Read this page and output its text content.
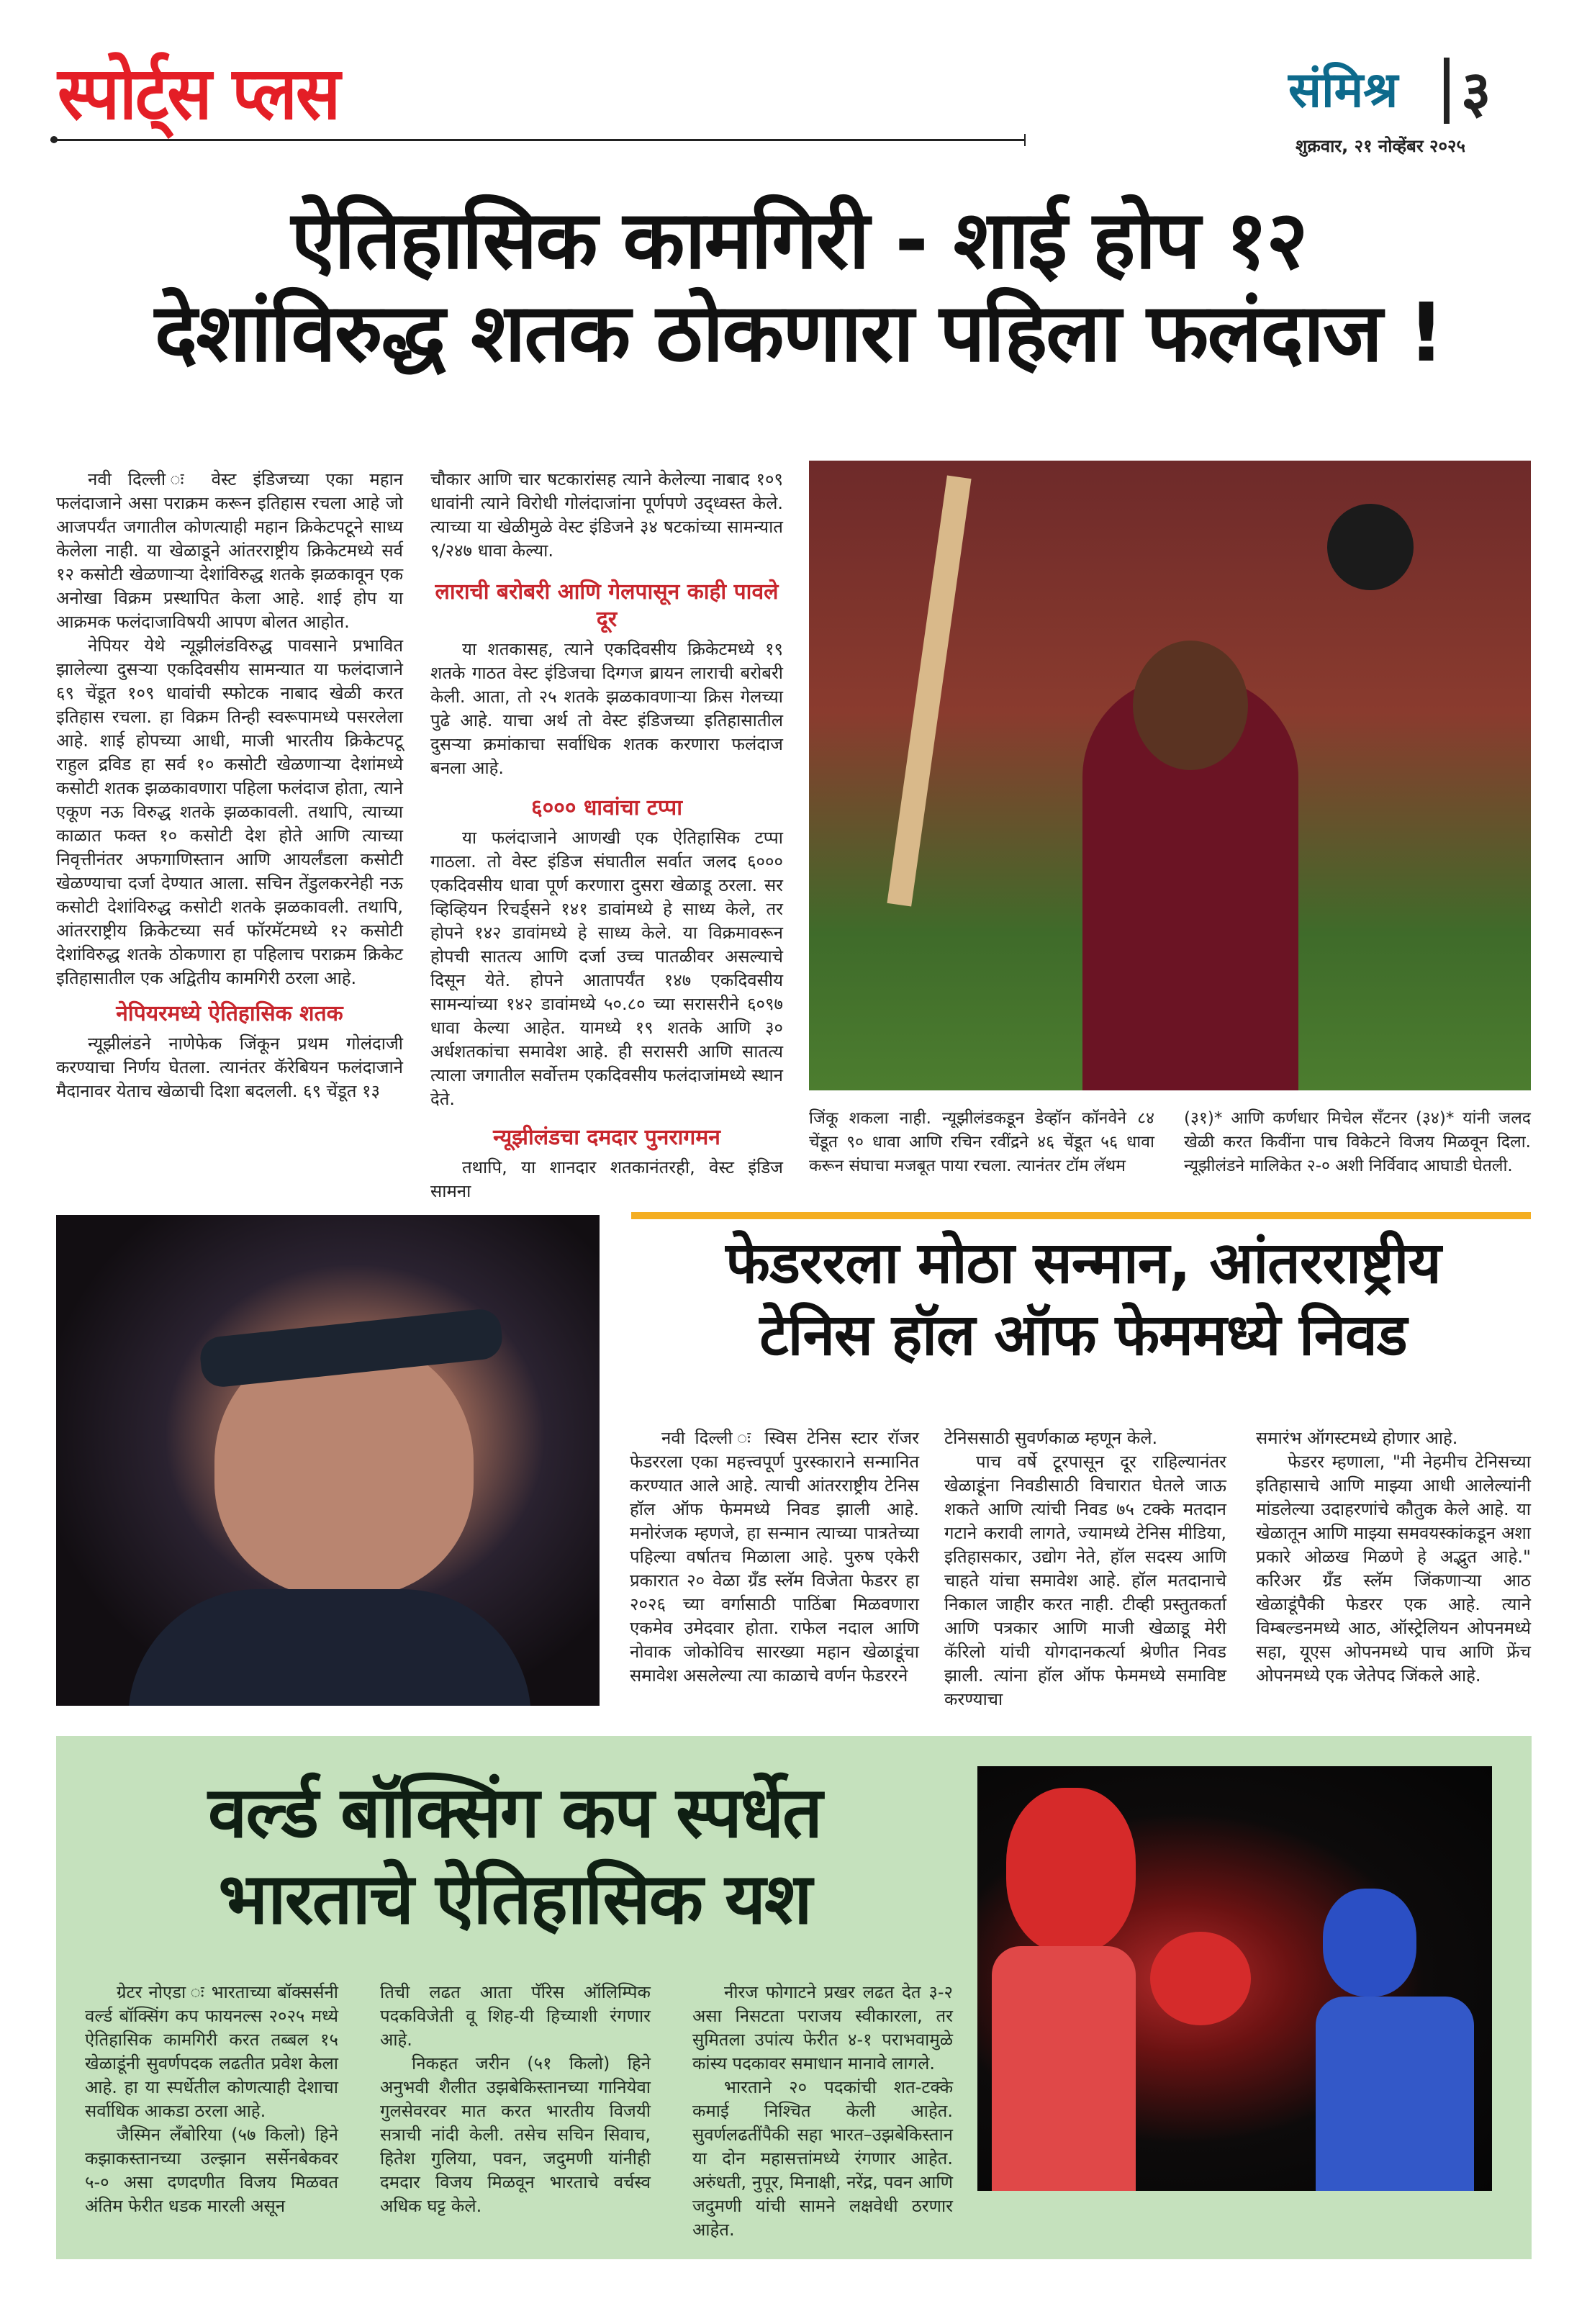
स्पोर्ट्स प्लस	संमिश्र ३
शुक्रवार, २१ नोव्हेंबर २०२५
ऐतिहासिक कामगिरी - शाई होप १२
देशांविरुद्ध शतक ठोकणारा पहिला फलंदाज !

नवी दिल्ली ः वेस्ट इंडिजच्या एका महान फलंदाजाने असा पराक्रम करून इतिहास रचला आहे जो आजपर्यंत जगातील कोणत्याही महान क्रिकेटपटूने साध्य केलेला नाही. या खेळाडूने आंतरराष्ट्रीय क्रिकेटमध्ये सर्व १२ कसोटी खेळणाऱ्या देशांविरुद्ध शतके झळकावून एक अनोखा विक्रम प्रस्थापित केला आहे. शाई होप या आक्रमक फलंदाजाविषयी आपण बोलत आहोत.

नेपियर येथे न्यूझीलंडविरुद्ध पावसाने प्रभावित झालेल्या दुसऱ्या एकदिवसीय सामन्यात या फलंदाजाने ६९ चेंडूत १०९ धावांची स्फोटक नाबाद खेळी करत इतिहास रचला. हा विक्रम तिन्ही स्वरूपामध्ये पसरलेला आहे. शाई होपच्या आधी, माजी भारतीय क्रिकेटपटू राहुल द्रविड हा सर्व १० कसोटी खेळणाऱ्या देशांमध्ये कसोटी शतक झळकावणारा पहिला फलंदाज होता, त्याने एकूण नऊ विरुद्ध शतके झळकावली. तथापि, त्याच्या काळात फक्त १० कसोटी देश होते आणि त्याच्या निवृत्तीनंतर अफगाणिस्तान आणि आयर्लंडला कसोटी खेळण्याचा दर्जा देण्यात आला. सचिन तेंडुलकरनेही नऊ कसोटी देशांविरुद्ध कसोटी शतके झळकावली. तथापि, आंतरराष्ट्रीय क्रिकेटच्या सर्व फॉरमॅटमध्ये १२ कसोटी देशांविरुद्ध शतके ठोकणारा हा पहिलाच पराक्रम क्रिकेट इतिहासातील एक अद्वितीय कामगिरी ठरला आहे.

नेपियरमध्ये ऐतिहासिक शतक

न्यूझीलंडने नाणेफेक जिंकून प्रथम गोलंदाजी करण्याचा निर्णय घेतला. त्यानंतर कॅरेबियन फलंदाजाने मैदानावर येताच खेळाची दिशा बदलली. ६९ चेंडूत १३

चौकार आणि चार षटकारांसह त्याने केलेल्या नाबाद १०९ धावांनी त्याने विरोधी गोलंदाजांना पूर्णपणे उद्ध्वस्त केले. त्याच्या या खेळीमुळे वेस्ट इंडिजने ३४ षटकांच्या सामन्यात ९/२४७ धावा केल्या.

लाराची बरोबरी आणि गेलपासून काही पावले दूर

या शतकासह, त्याने एकदिवसीय क्रिकेटमध्ये १९ शतके गाठत वेस्ट इंडिजचा दिग्गज ब्रायन लाराची बरोबरी केली. आता, तो २५ शतके झळकावणाऱ्या क्रिस गेलच्या पुढे आहे. याचा अर्थ तो वेस्ट इंडिजच्या इतिहासातील दुसऱ्या क्रमांकाचा सर्वाधिक शतक करणारा फलंदाज बनला आहे.

६००० धावांचा टप्पा

या फलंदाजाने आणखी एक ऐतिहासिक टप्पा गाठला. तो वेस्ट इंडिज संघातील सर्वात जलद ६००० एकदिवसीय धावा पूर्ण करणारा दुसरा खेळाडू ठरला. सर व्हिव्हियन रिचर्ड्सने १४१ डावांमध्ये हे साध्य केले, तर होपने १४२ डावांमध्ये हे साध्य केले. या विक्रमावरून होपची सातत्य आणि दर्जा उच्च पातळीवर असल्याचे दिसून येते. होपने आतापर्यंत १४७ एकदिवसीय सामन्यांच्या १४२ डावांमध्ये ५०.८० च्या सरासरीने ६०९७ धावा केल्या आहेत. यामध्ये १९ शतके आणि ३० अर्धशतकांचा समावेश आहे. ही सरासरी आणि सातत्य त्याला जगातील सर्वोत्तम एकदिवसीय फलंदाजांमध्ये स्थान देते.

न्यूझीलंडचा दमदार पुनरागमन

तथापि, या शानदार शतकानंतरही, वेस्ट इंडिज सामना

जिंकू शकला नाही. न्यूझीलंडकडून डेव्हॉन कॉनवेने ८४ चेंडूत ९० धावा आणि रचिन रवींद्रने ४६ चेंडूत ५६ धावा करून संघाचा मजबूत पाया रचला. त्यानंतर टॉम लॅथम

(३१)* आणि कर्णधार मिचेल सँटनर (३४)* यांनी जलद खेळी करत किवींना पाच विकेटने विजय मिळवून दिला. न्यूझीलंडने मालिकेत २-० अशी निर्विवाद आघाडी घेतली.

फेडररला मोठा सन्मान, आंतरराष्ट्रीय
टेनिस हॉल ऑफ फेममध्ये निवड

नवी दिल्ली ः स्विस टेनिस स्टार रॉजर फेडररला एका महत्त्वपूर्ण पुरस्काराने सन्मानित करण्यात आले आहे. त्याची आंतरराष्ट्रीय टेनिस हॉल ऑफ फेममध्ये निवड झाली आहे. मनोरंजक म्हणजे, हा सन्मान त्याच्या पात्रतेच्या पहिल्या वर्षातच मिळाला आहे. पुरुष एकेरी प्रकारात २० वेळा ग्रँड स्लॅम विजेता फेडरर हा २०२६ च्या वर्गासाठी पाठिंबा मिळवणारा एकमेव उमेदवार होता. राफेल नदाल आणि नोवाक जोकोविच सारख्या महान खेळाडूंचा समावेश असलेल्या त्या काळाचे वर्णन फेडररने

टेनिससाठी सुवर्णकाळ म्हणून केले.

पाच वर्षे टूरपासून दूर राहिल्यानंतर खेळाडूंना निवडीसाठी विचारात घेतले जाऊ शकते आणि त्यांची निवड ७५ टक्के मतदान गटाने करावी लागते, ज्यामध्ये टेनिस मीडिया, इतिहासकार, उद्योग नेते, हॉल सदस्य आणि चाहते यांचा समावेश आहे. हॉल मतदानाचे निकाल जाहीर करत नाही. टीव्ही प्रस्तुतकर्ता आणि पत्रकार आणि माजी खेळाडू मेरी कॅरिलो यांची योगदानकर्त्या श्रेणीत निवड झाली. त्यांना हॉल ऑफ फेममध्ये समाविष्ट करण्याचा

समारंभ ऑगस्टमध्ये होणार आहे.

फेडरर म्हणाला, "मी नेहमीच टेनिसच्या इतिहासाचे आणि माझ्या आधी आलेल्यांनी मांडलेल्या उदाहरणांचे कौतुक केले आहे. या खेळातून आणि माझ्या समवयस्कांकडून अशा प्रकारे ओळख मिळणे हे अद्भुत आहे." करिअर ग्रँड स्लॅम जिंकणाऱ्या आठ खेळाडूंपैकी फेडरर एक आहे. त्याने विम्बल्डनमध्ये आठ, ऑस्ट्रेलियन ओपनमध्ये सहा, यूएस ओपनमध्ये पाच आणि फ्रेंच ओपनमध्ये एक जेतेपद जिंकले आहे.

वर्ल्ड बॉक्सिंग कप स्पर्धेत
भारताचे ऐतिहासिक यश

ग्रेटर नोएडा ः भारताच्या बॉक्सर्सनी वर्ल्ड बॉक्सिंग कप फायनल्स २०२५ मध्ये ऐतिहासिक कामगिरी करत तब्बल १५ खेळाडूंनी सुवर्णपदक लढतीत प्रवेश केला आहे. हा या स्पर्धेतील कोणत्याही देशाचा सर्वाधिक आकडा ठरला आहे.

जैस्मिन लँबोरिया (५७ किलो) हिने कझाकस्तानच्या उल्झान सर्सेनबेकवर ५-० असा दणदणीत विजय मिळवत अंतिम फेरीत धडक मारली असून

तिची लढत आता पॅरिस ऑलिम्पिक पदकविजेती वू शिह-यी हिच्याशी रंगणार आहे.

निकहत जरीन (५१ किलो) हिने अनुभवी शैलीत उझबेकिस्तानच्या गानियेवा गुलसेवरवर मात करत भारतीय विजयी सत्राची नांदी केली. तसेच सचिन सिवाच, हितेश गुलिया, पवन, जदुमणी यांनीही दमदार विजय मिळवून भारताचे वर्चस्व अधिक घट्ट केले.

नीरज फोगाटने प्रखर लढत देत ३-२ असा निसटता पराजय स्वीकारला, तर सुमितला उपांत्य फेरीत ४-१ पराभवामुळे कांस्य पदकावर समाधान मानावे लागले.

भारताने २० पदकांची शत-टक्के कमाई निश्चित केली आहेत. सुवर्णलढतींपैकी सहा भारत–उझबेकिस्तान या दोन महासत्तांमध्ये रंगणार आहेत. अरुंधती, नुपूर, मिनाक्षी, नरेंद्र, पवन आणि जदुमणी यांची सामने लक्षवेधी ठरणार आहेत.
